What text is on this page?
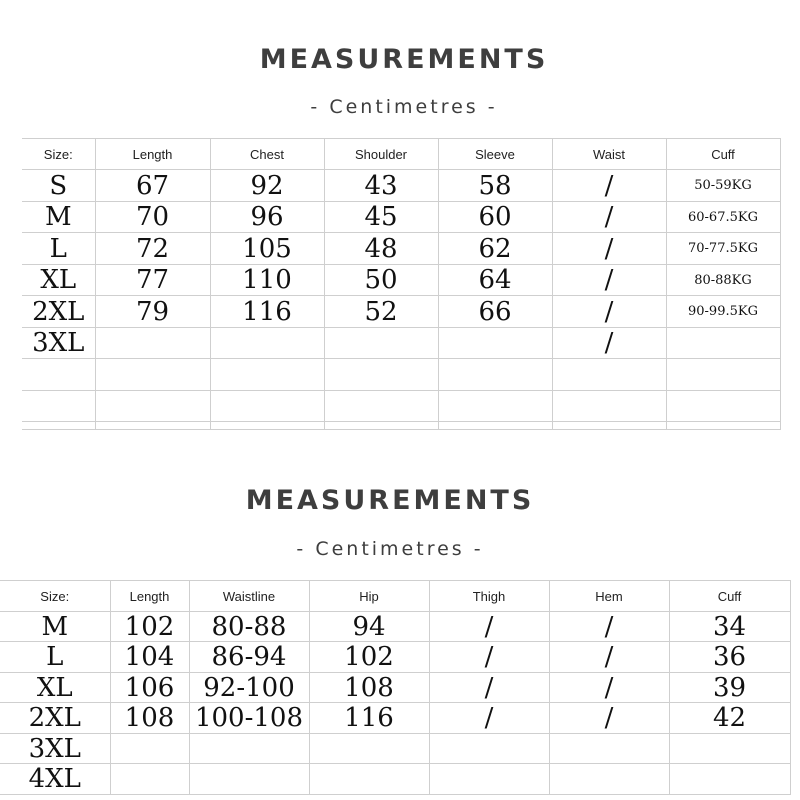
MEASUREMENTS
- Centimetres -
Size:	Length	Chest	Shoulder	Sleeve	Waist	Cuff
S	67	92	43	58	/	50-59KG
M	70	96	45	60	/	60-67.5KG
L	72	105	48	62	/	70-77.5KG
XL	77	110	50	64	/	80-88KG
2XL	79	116	52	66	/	90-99.5KG
3XL					/	

MEASUREMENTS
- Centimetres -
Size:	Length	Waistline	Hip	Thigh	Hem	Cuff
M	102	80-88	94	/	/	34
L	104	86-94	102	/	/	36
XL	106	92-100	108	/	/	39
2XL	108	100-108	116	/	/	42
3XL						
4XL						
